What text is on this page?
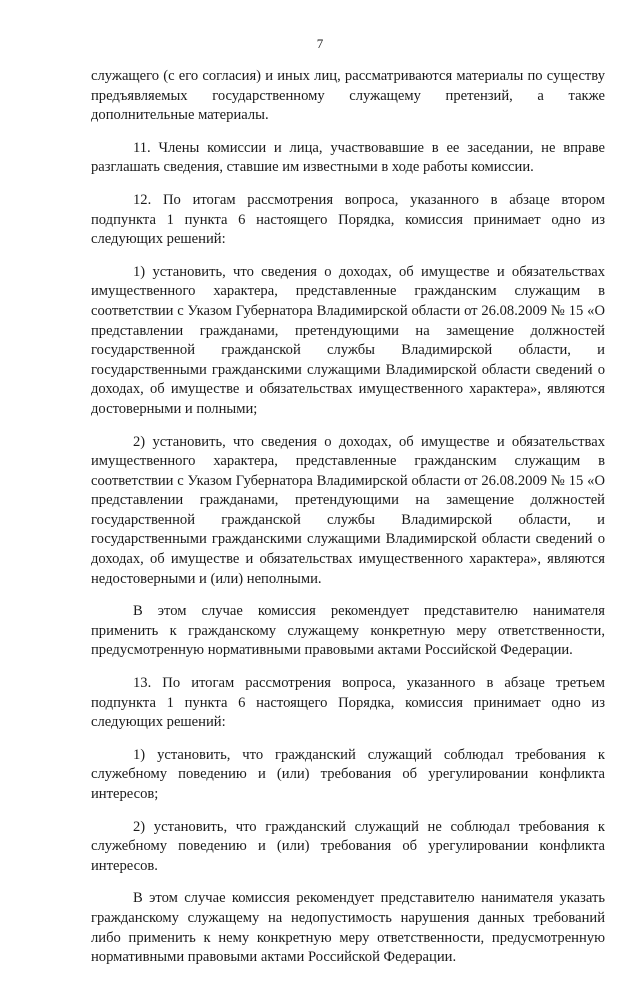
7

служащего (с его согласия) и иных лиц, рассматриваются материалы по существу предъявляемых государственному служащему претензий, а также дополнительные материалы.

11. Члены комиссии и лица, участвовавшие в ее заседании, не вправе разглашать сведения, ставшие им известными в ходе работы комиссии.

12. По итогам рассмотрения вопроса, указанного в абзаце втором подпункта 1 пункта 6 настоящего Порядка, комиссия принимает одно из следующих решений:

1) установить, что сведения о доходах, об имуществе и обязательствах имущественного характера, представленные гражданским служащим в соответствии с Указом Губернатора Владимирской области от 26.08.2009 № 15 «О представлении гражданами, претендующими на замещение должностей государственной гражданской службы Владимирской области, и государственными гражданскими служащими Владимирской области сведений о доходах, об имуществе и обязательствах имущественного характера», являются достоверными и полными;

2) установить, что сведения о доходах, об имуществе и обязательствах имущественного характера, представленные гражданским служащим в соответствии с Указом Губернатора Владимирской области от 26.08.2009 № 15 «О представлении гражданами, претендующими на замещение должностей государственной гражданской службы Владимирской области, и государственными гражданскими служащими Владимирской области сведений о доходах, об имуществе и обязательствах имущественного характера», являются недостоверными и (или) неполными.

В этом случае комиссия рекомендует представителю нанимателя применить к гражданскому служащему конкретную меру ответственности, предусмотренную нормативными правовыми актами Российской Федерации.

13. По итогам рассмотрения вопроса, указанного в абзаце третьем подпункта 1 пункта 6 настоящего Порядка, комиссия принимает одно из следующих решений:

1) установить, что гражданский служащий соблюдал требования к служебному поведению и (или) требования об урегулировании конфликта интересов;

2) установить, что гражданский служащий не соблюдал требования к служебному поведению и (или) требования об урегулировании конфликта интересов.

В этом случае комиссия рекомендует представителю нанимателя указать гражданскому служащему на недопустимость нарушения данных требований либо применить к нему конкретную меру ответственности, предусмотренную нормативными правовыми актами Российской Федерации.
